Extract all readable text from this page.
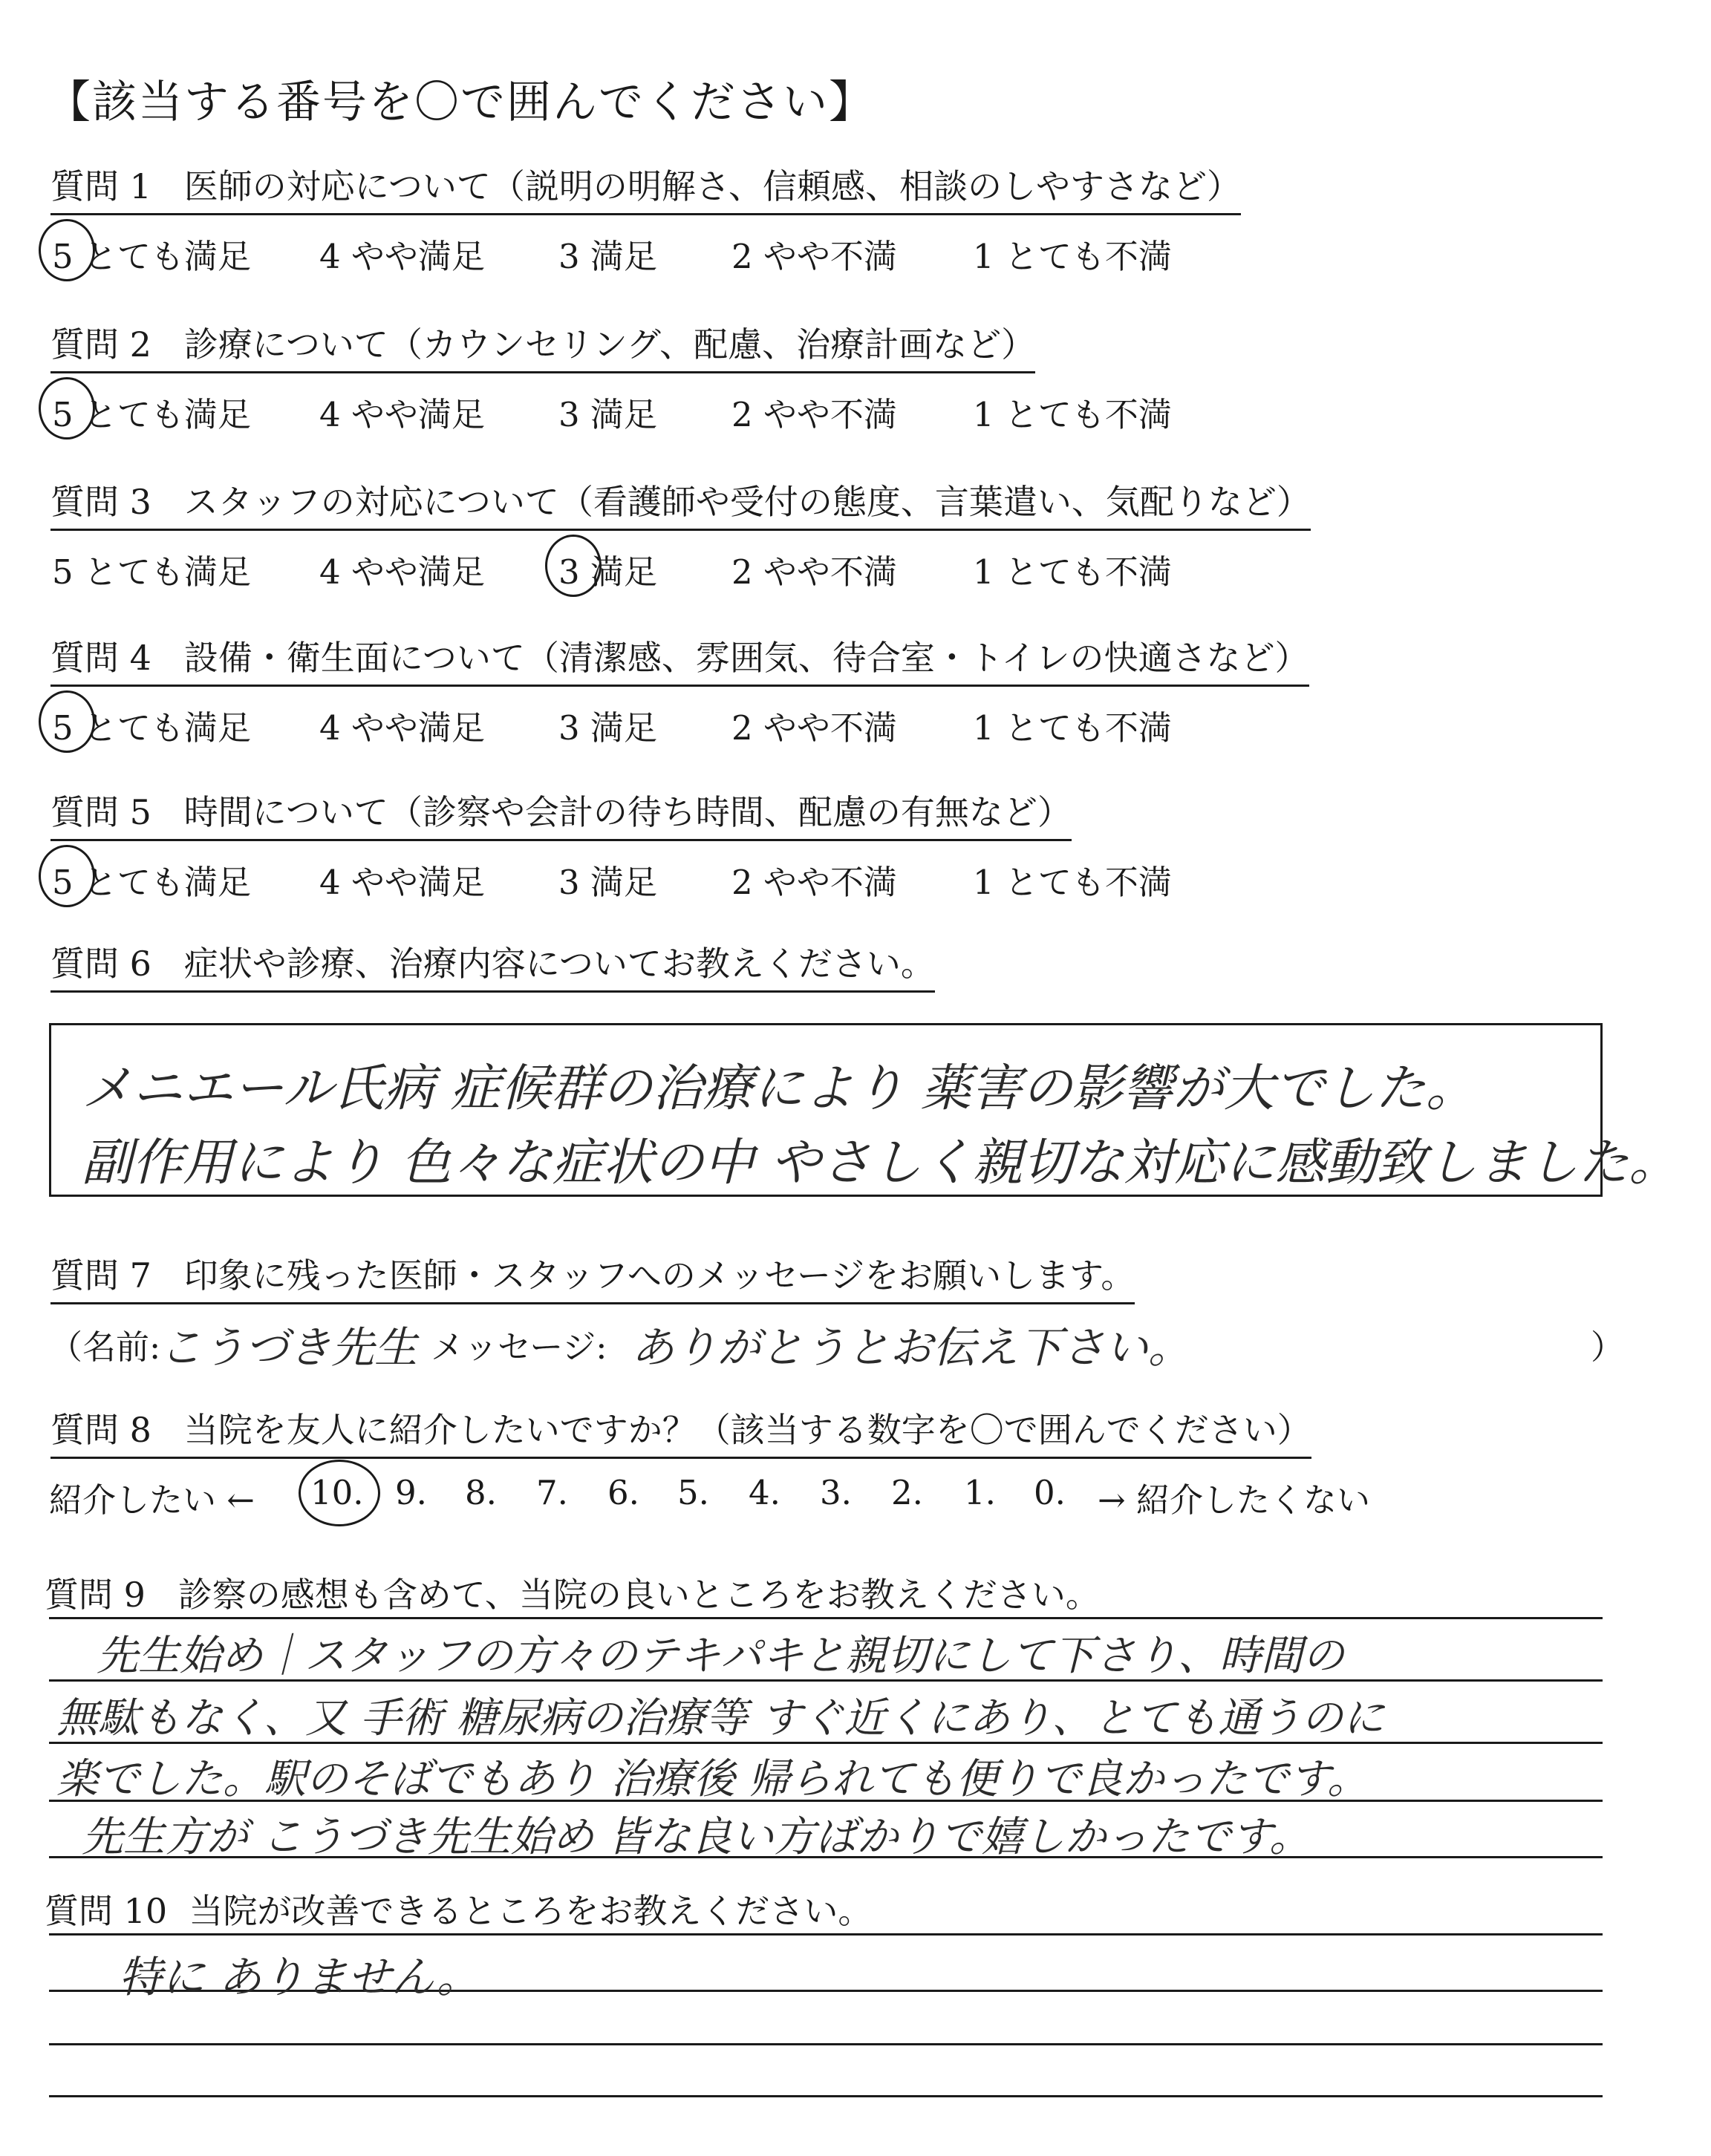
【該当する番号を〇で囲んでください】
質問 1 医師の対応について（説明の明解さ、信頼感、相談のしやすさなど）
5 とても満足 4 やや満足 3 満足 2 やや不満 1 とても不満
質問 2 診療について（カウンセリング、配慮、治療計画など）
5 とても満足 4 やや満足 3 満足 2 やや不満 1 とても不満
質問 3 スタッフの対応について（看護師や受付の態度、言葉遣い、気配りなど）
5 とても満足 4 やや満足 3 満足 2 やや不満 1 とても不満
質問 4 設備・衛生面について（清潔感、雰囲気、待合室・トイレの快適さなど）
5 とても満足 4 やや満足 3 満足 2 やや不満 1 とても不満
質問 5 時間について（診察や会計の待ち時間、配慮の有無など）
5 とても満足 4 やや満足 3 満足 2 やや不満 1 とても不満
質問 6 症状や診療、治療内容についてお教えください。
メニエール氏病 症候群の治療により 薬害の影響が大でした。
副作用により 色々な症状の中 やさしく親切な対応に感動致しました。
質問 7 印象に残った医師・スタッフへのメッセージをお願いします。
（名前:
こうづき先生 メッセージ: ありがとうとお伝え下さい。	）
質問 8 当院を友人に紹介したいですか？（該当する数字を〇で囲んでください）
紹介したい ← 10. 9. 8. 7. 6. 5. 4. 3. 2. 1. 0. → 紹介したくない
質問 9 診察の感想も含めて、当院の良いところをお教えください。
先生始め｜スタッフの方々のテキパキと親切にして下さり、時間の
無駄もなく、又 手術 糖尿病の治療等 すぐ近くにあり、とても通うのに
楽でした。駅のそばでもあり 治療後 帰られても便りで良かったです。
先生方が こうづき先生始め 皆な良い方ばかりで嬉しかったです。
質問 10 当院が改善できるところをお教えください。
特に ありません。
